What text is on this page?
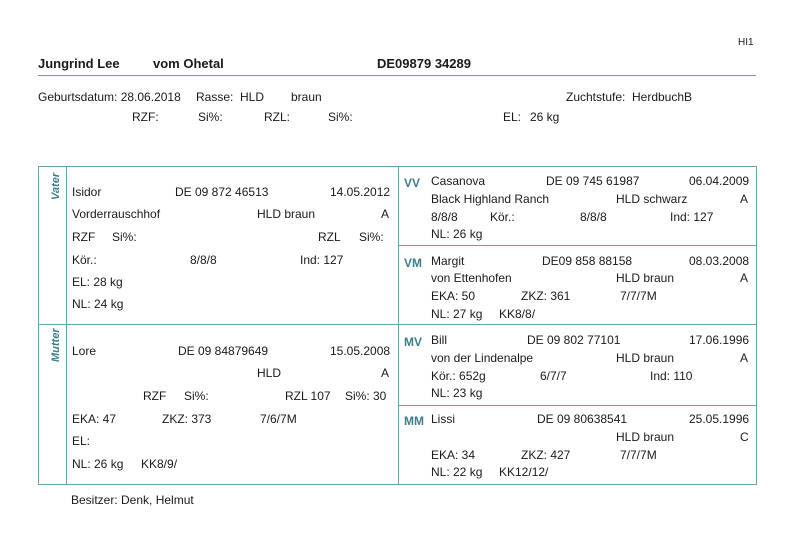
HI1
Jungrind Lee	vom Ohetal	DE09879 34289
Geburtsdatum: 28.06.2018 Rasse: HLD braun	Zuchtstufe: HerdbuchB
RZF:	Si%:	RZL:	Si%:	EL: 26 kg
Vater
Mutter
Isidor	DE 09 872 46513	14.05.2012
Vorderrauschhof	HLD braun	A
RZF Si%:	RZL Si%:
Kör.:	8/8/8	Ind: 127
EL: 28 kg
NL: 24 kg
Lore	DE 09 84879649	15.05.2008
HLD	A
RZF Si%:	RZL 107 Si%: 30
EKA: 47	ZKZ: 373	7/6/7M
EL:
NL: 26 kg KK8/9/
VV Casanova	DE 09 745 61987	06.04.2009
Black Highland Ranch	HLD schwarz	A
8/8/8	Kör.:	8/8/8	Ind: 127
NL: 26 kg
VM Margit	DE09 858 88158	08.03.2008
von Ettenhofen	HLD braun	A
EKA: 50	ZKZ: 361	7/7/7M
NL: 27 kg KK8/8/
MV Bill	DE 09 802 77101	17.06.1996
von der Lindenalpe	HLD braun	A
Kör.: 652g	6/7/7	Ind: 110
NL: 23 kg
MM Lissi	DE 09 80638541	25.05.1996
HLD braun	C
EKA: 34	ZKZ: 427	7/7/7M
NL: 22 kg KK12/12/
Besitzer: Denk, Helmut
